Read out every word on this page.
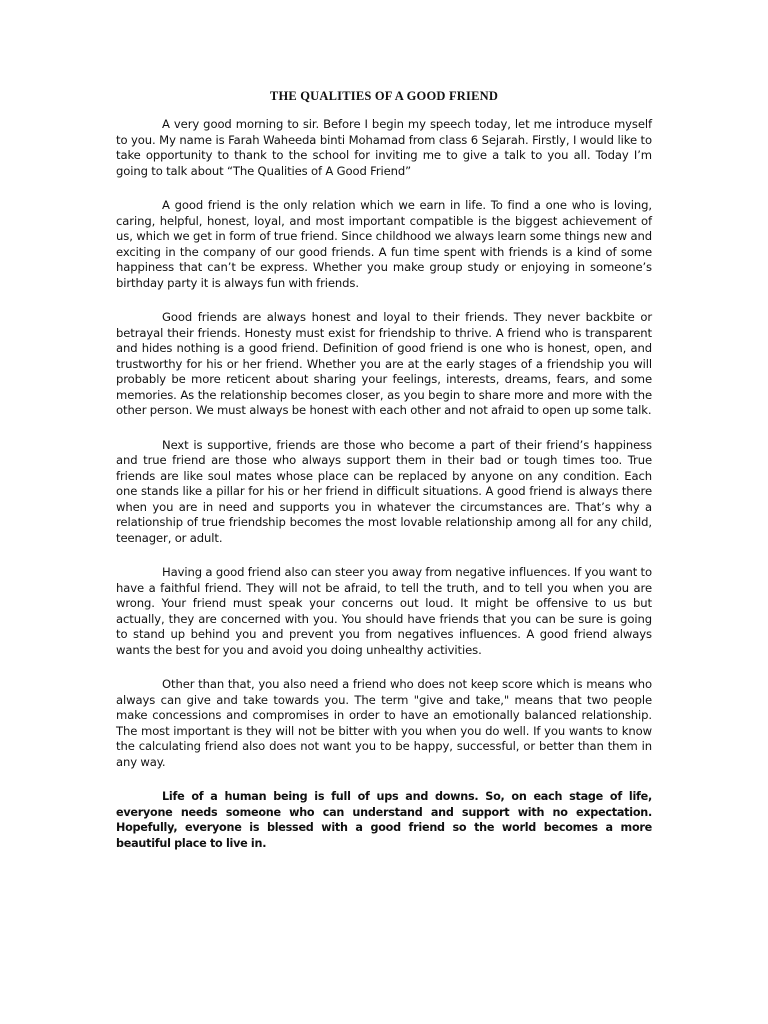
THE QUALITIES OF A GOOD FRIEND

A very good morning to sir. Before I begin my speech today, let me introduce myself to you. My name is Farah Waheeda binti Mohamad from class 6 Sejarah. Firstly, I would like to take opportunity to thank to the school for inviting me to give a talk to you all. Today I’m going to talk about “The Qualities of A Good Friend”

A good friend is the only relation which we earn in life. To find a one who is loving, caring, helpful, honest, loyal, and most important compatible is the biggest achievement of us, which we get in form of true friend. Since childhood we always learn some things new and exciting in the company of our good friends. A fun time spent with friends is a kind of some happiness that can’t be express. Whether you make group study or enjoying in someone’s birthday party it is always fun with friends.

Good friends are always honest and loyal to their friends. They never backbite or betrayal their friends. Honesty must exist for friendship to thrive. A friend who is transparent and hides nothing is a good friend. Definition of good friend is one who is honest, open, and trustworthy for his or her friend. Whether you are at the early stages of a friendship you will probably be more reticent about sharing your feelings, interests, dreams, fears, and some memories. As the relationship becomes closer, as you begin to share more and more with the other person. We must always be honest with each other and not afraid to open up some talk.

Next is supportive, friends are those who become a part of their friend’s happiness and true friend are those who always support them in their bad or tough times too. True friends are like soul mates whose place can be replaced by anyone on any condition. Each one stands like a pillar for his or her friend in difficult situations. A good friend is always there when you are in need and supports you in whatever the circumstances are. That’s why a relationship of true friendship becomes the most lovable relationship among all for any child, teenager, or adult.

Having a good friend also can steer you away from negative influences. If you want to have a faithful friend. They will not be afraid, to tell the truth, and to tell you when you are wrong. Your friend must speak your concerns out loud. It might be offensive to us but actually, they are concerned with you. You should have friends that you can be sure is going to stand up behind you and prevent you from negatives influences. A good friend always wants the best for you and avoid you doing unhealthy activities.

Other than that, you also need a friend who does not keep score which is means who always can give and take towards you. The term "give and take," means that two people make concessions and compromises in order to have an emotionally balanced relationship. The most important is they will not be bitter with you when you do well. If you wants to know the calculating friend also does not want you to be happy, successful, or better than them in any way.

Life of a human being is full of ups and downs. So, on each stage of life, everyone needs someone who can understand and support with no expectation. Hopefully, everyone is blessed with a good friend so the world becomes a more beautiful place to live in.
